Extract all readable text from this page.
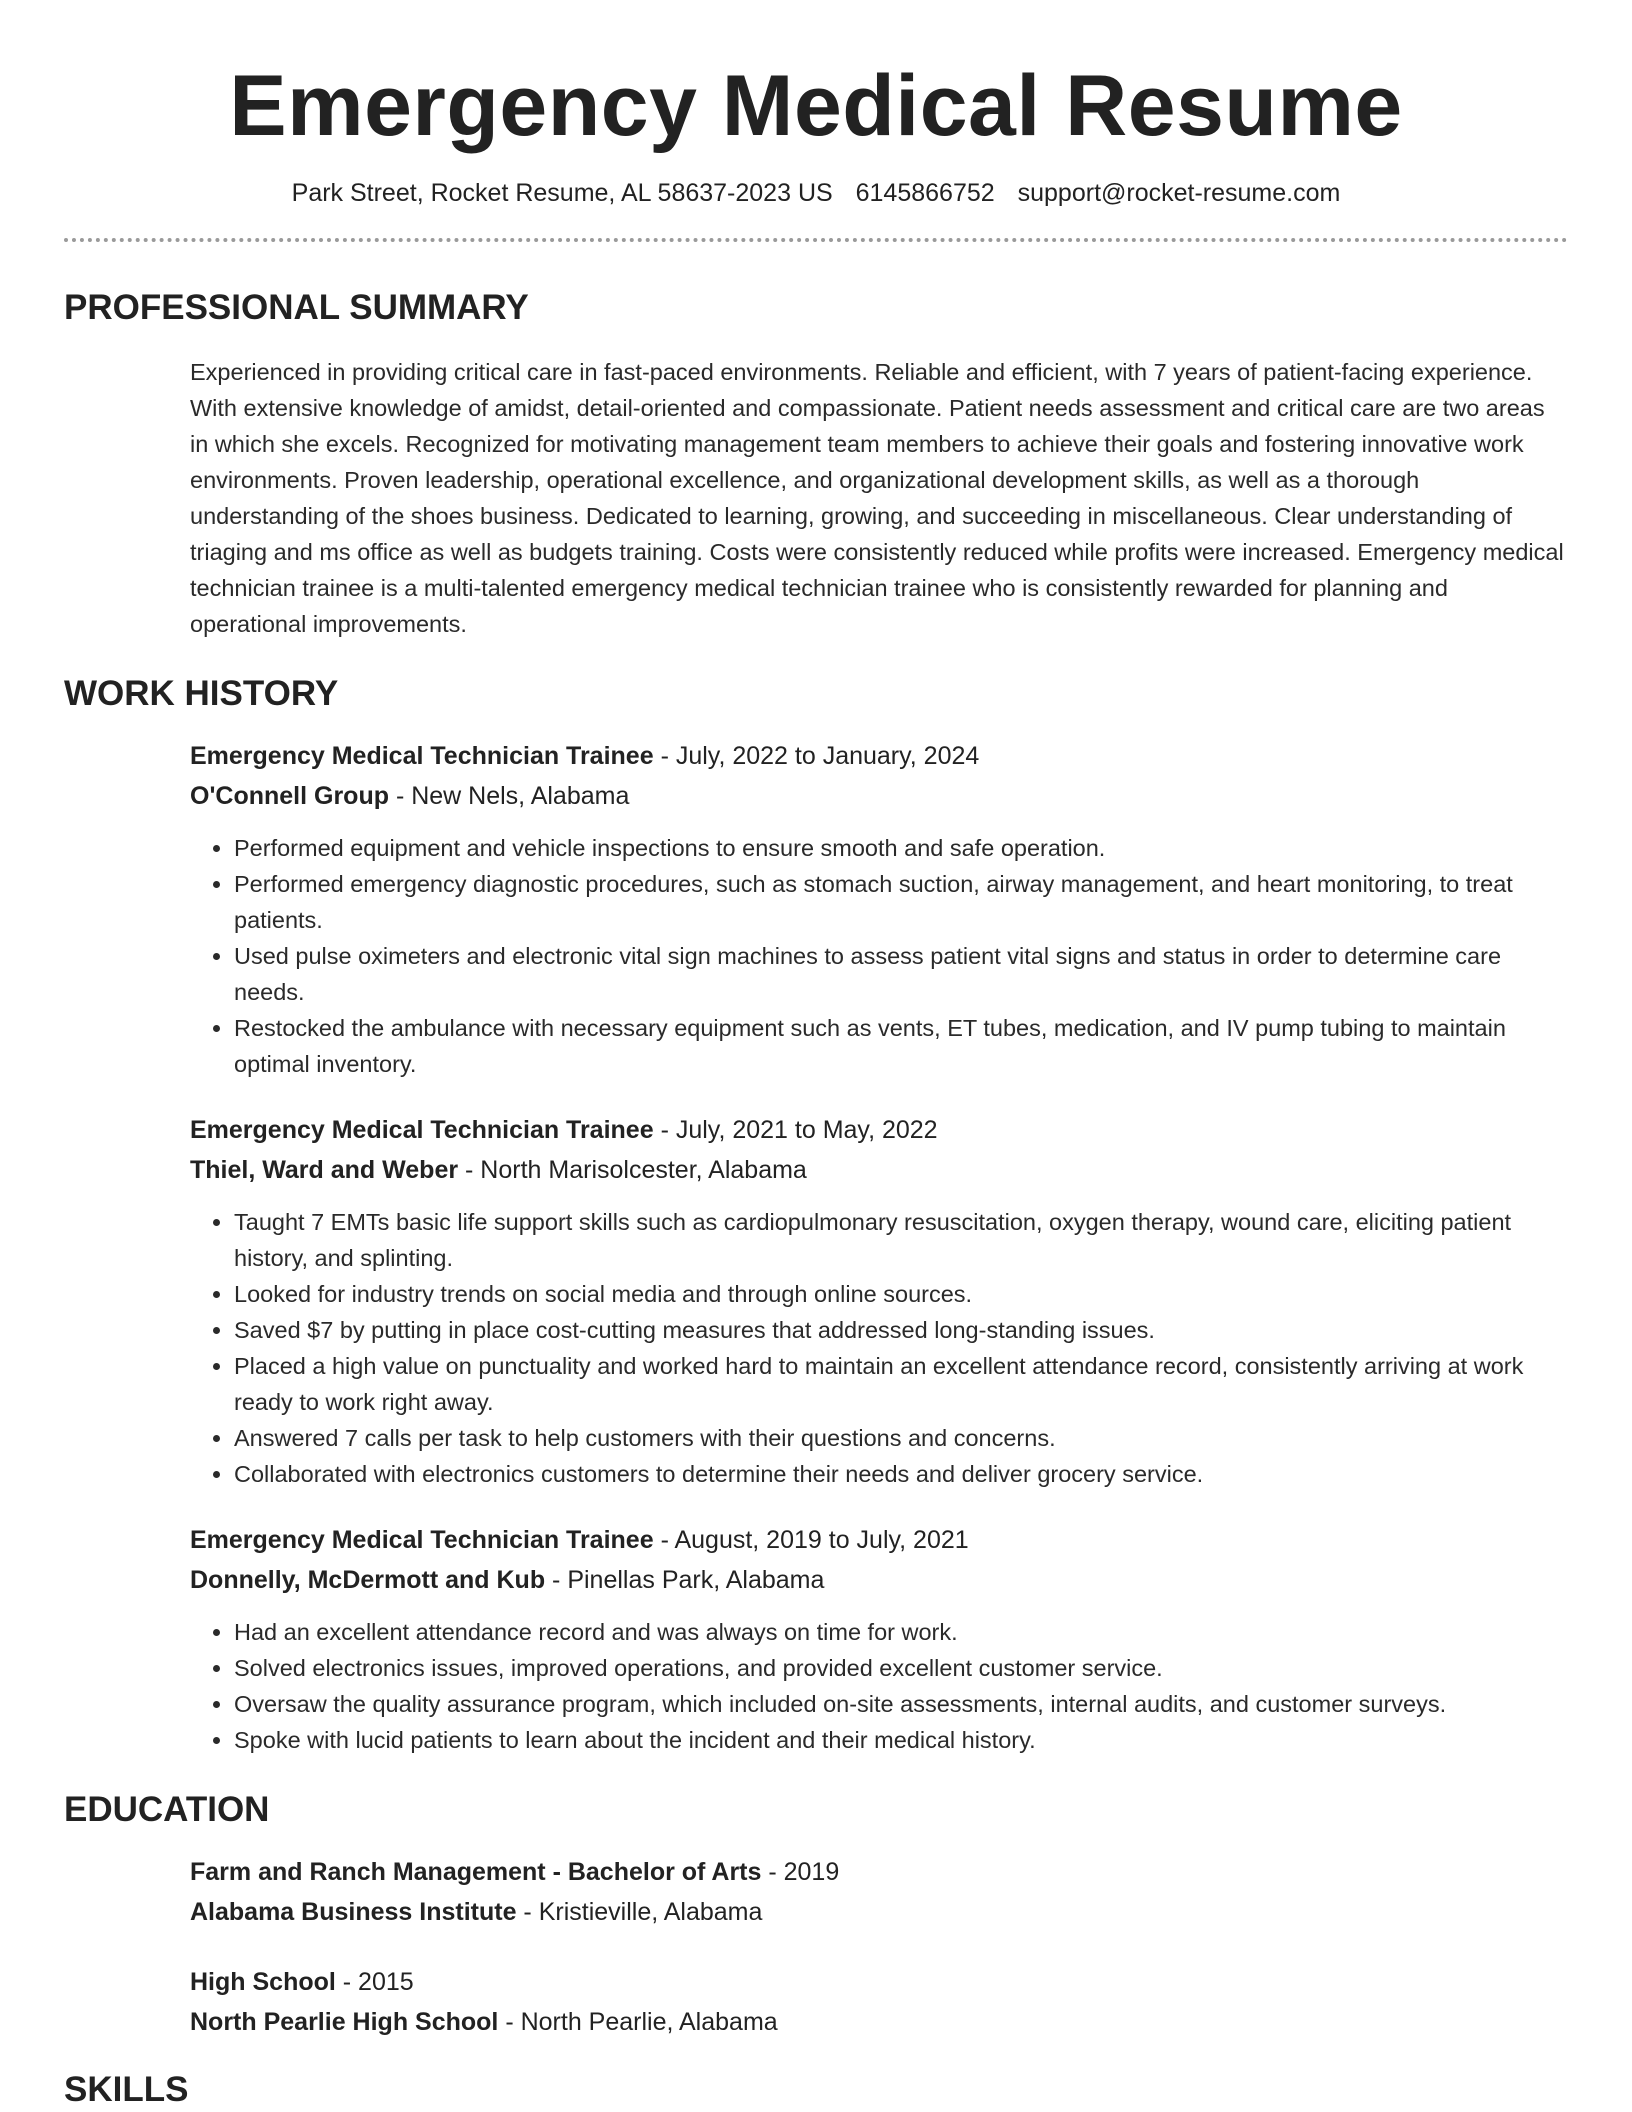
Emergency Medical Resume
Park Street, Rocket Resume, AL 58637-2023 US 6145866752 support@rocket-resume.com
PROFESSIONAL SUMMARY

Experienced in providing critical care in fast-paced environments. Reliable and efficient, with 7 years of patient-facing experience. With extensive knowledge of amidst, detail-oriented and compassionate. Patient needs assessment and critical care are two areas in which she excels. Recognized for motivating management team members to achieve their goals and fostering innovative work environments. Proven leadership, operational excellence, and organizational development skills, as well as a thorough understanding of the shoes business. Dedicated to learning, growing, and succeeding in miscellaneous. Clear understanding of triaging and ms office as well as budgets training. Costs were consistently reduced while profits were increased. Emergency medical technician trainee is a multi-talented emergency medical technician trainee who is consistently rewarded for planning and operational improvements.

WORK HISTORY
Emergency Medical Technician Trainee - July, 2022 to January, 2024
O'Connell Group - New Nels, Alabama
• Performed equipment and vehicle inspections to ensure smooth and safe operation.
• Performed emergency diagnostic procedures, such as stomach suction, airway management, and heart monitoring, to treat patients.
• Used pulse oximeters and electronic vital sign machines to assess patient vital signs and status in order to determine care needs.
• Restocked the ambulance with necessary equipment such as vents, ET tubes, medication, and IV pump tubing to maintain optimal inventory.
Emergency Medical Technician Trainee - July, 2021 to May, 2022
Thiel, Ward and Weber - North Marisolcester, Alabama
• Taught 7 EMTs basic life support skills such as cardiopulmonary resuscitation, oxygen therapy, wound care, eliciting patient history, and splinting.
• Looked for industry trends on social media and through online sources.
• Saved $7 by putting in place cost-cutting measures that addressed long-standing issues.
• Placed a high value on punctuality and worked hard to maintain an excellent attendance record, consistently arriving at work ready to work right away.
• Answered 7 calls per task to help customers with their questions and concerns.
• Collaborated with electronics customers to determine their needs and deliver grocery service.
Emergency Medical Technician Trainee - August, 2019 to July, 2021
Donnelly, McDermott and Kub - Pinellas Park, Alabama
• Had an excellent attendance record and was always on time for work.
• Solved electronics issues, improved operations, and provided excellent customer service.
• Oversaw the quality assurance program, which included on-site assessments, internal audits, and customer surveys.
• Spoke with lucid patients to learn about the incident and their medical history.
EDUCATION
Farm and Ranch Management - Bachelor of Arts - 2019
Alabama Business Institute - Kristieville, Alabama
High School - 2015
North Pearlie High School - North Pearlie, Alabama
SKILLS
